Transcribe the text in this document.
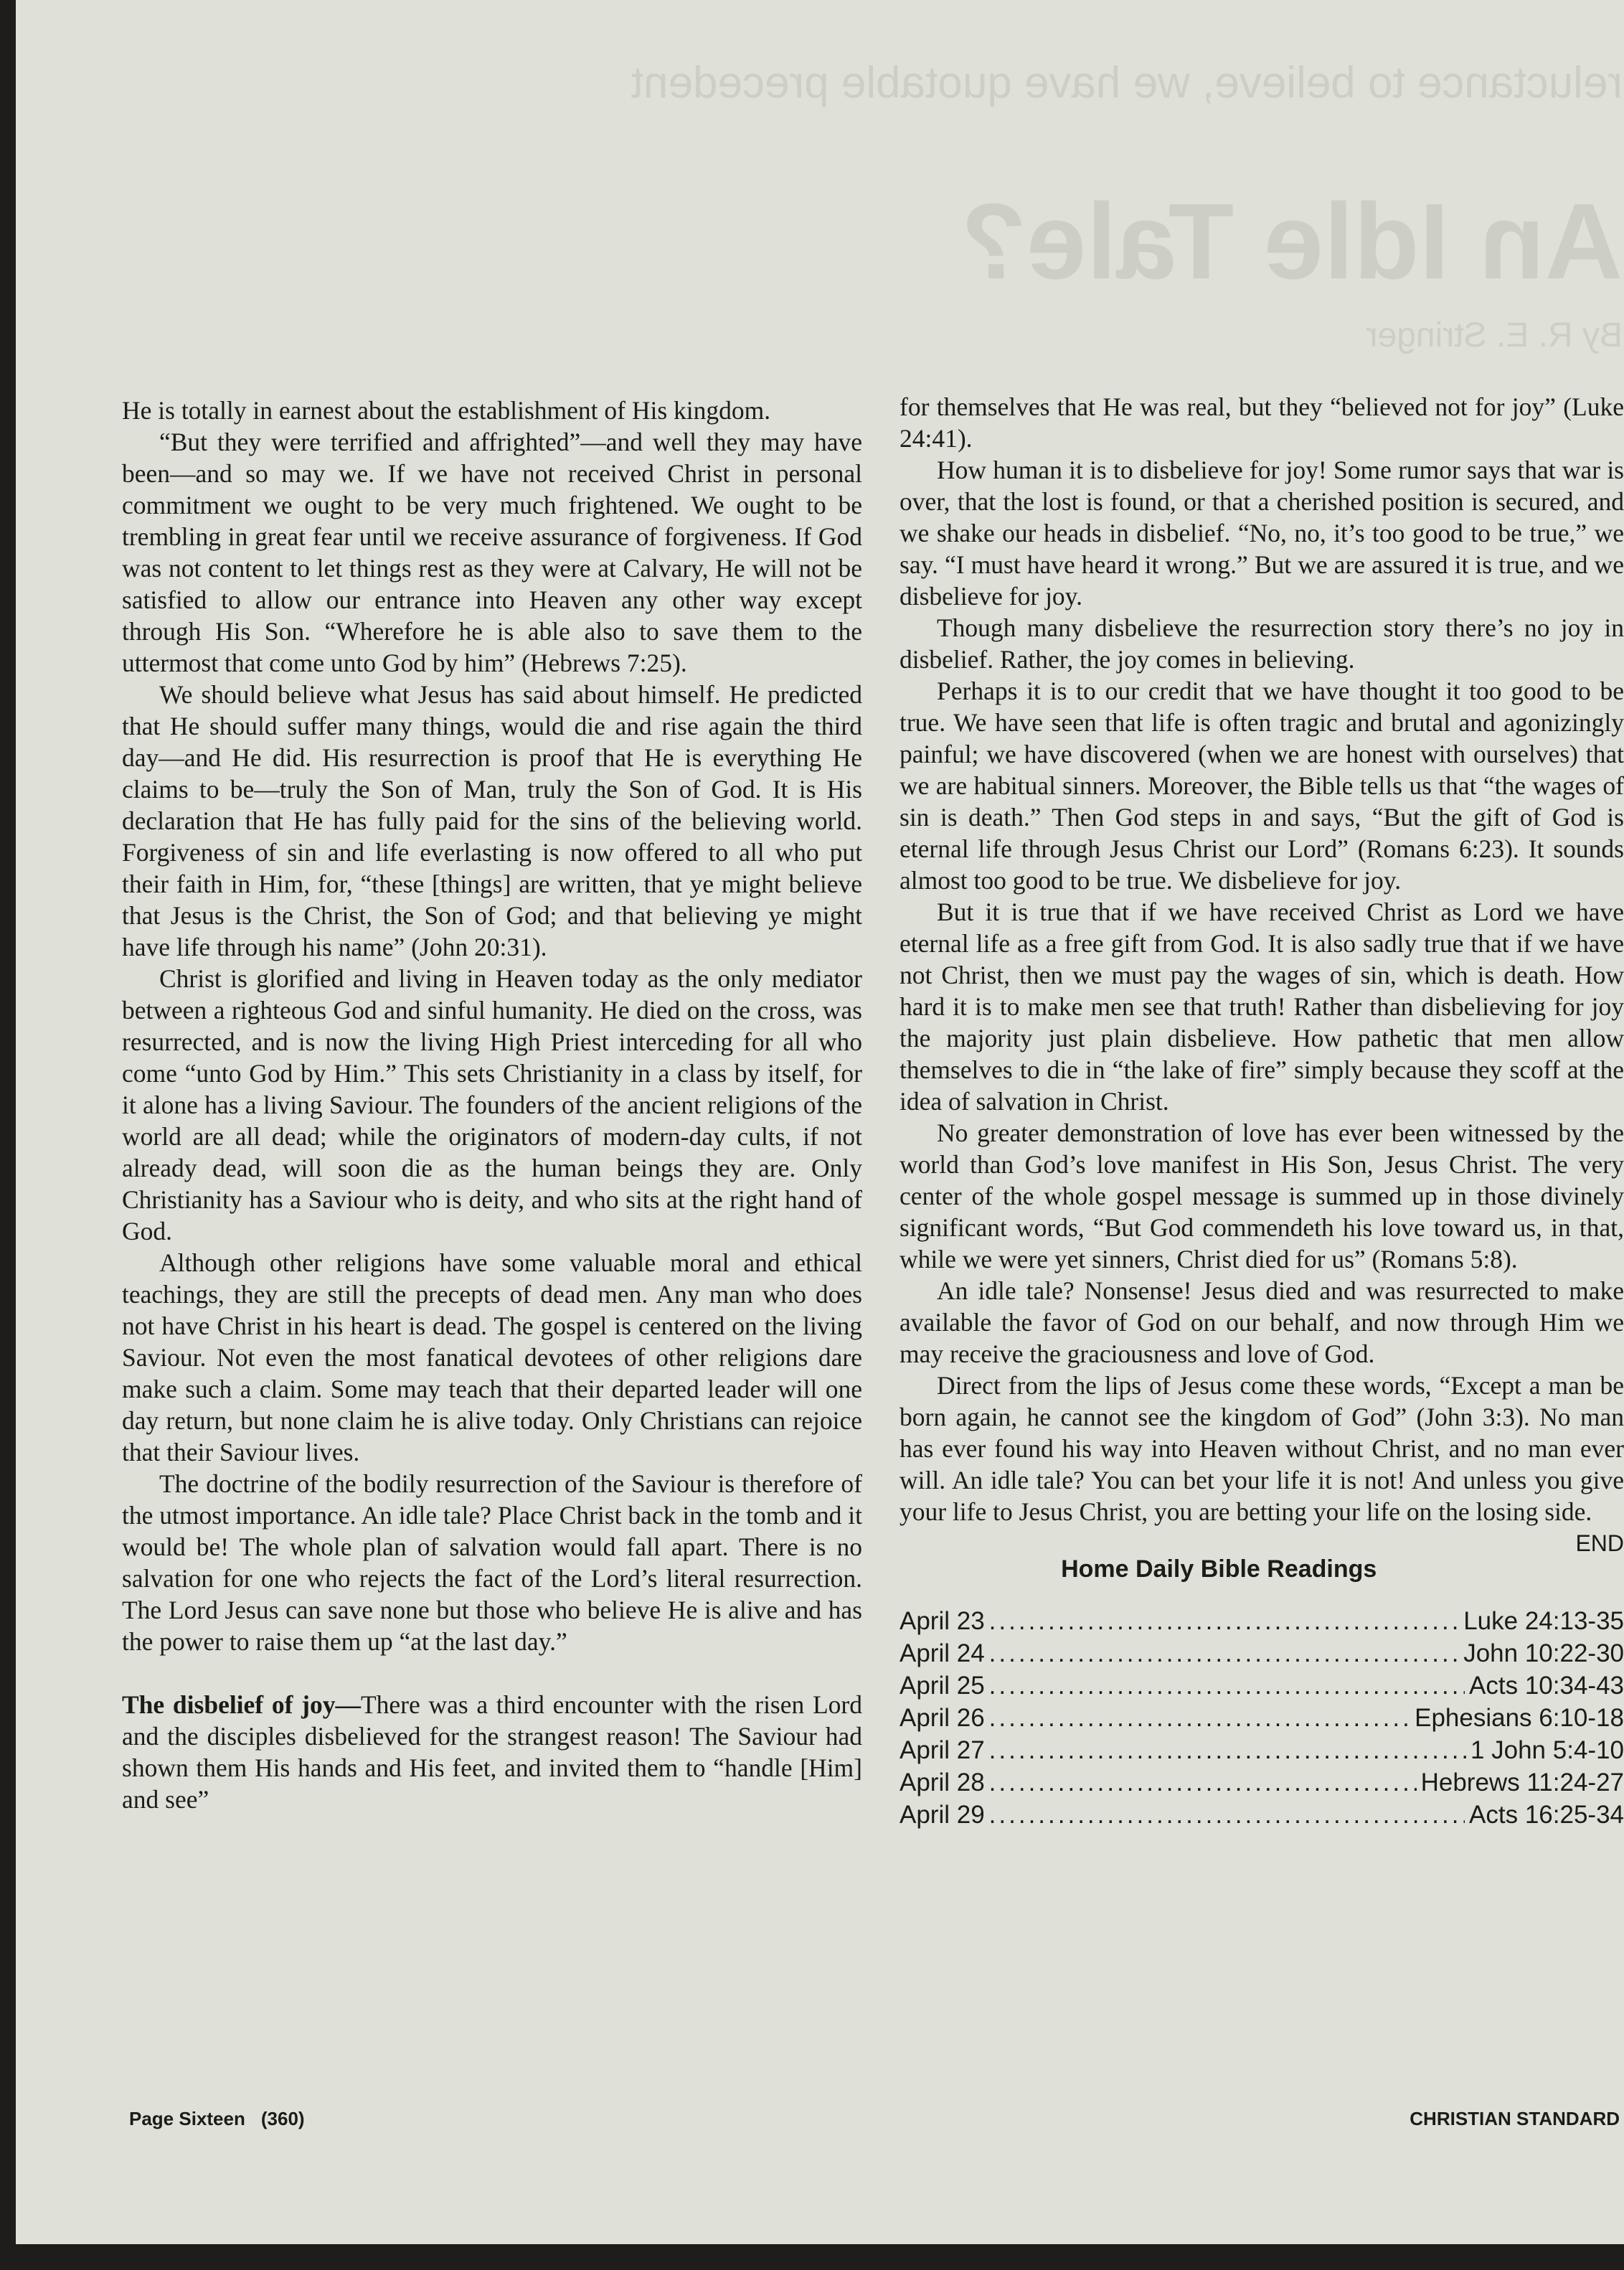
reluctance to believe, we have quotable precedent
An Idle Tale?
By R. E. Stringer

He is totally in earnest about the establishment of His kingdom.

“But they were terrified and affrighted”—and well they may have been—and so may we. If we have not received Christ in personal commitment we ought to be very much frightened. We ought to be trembling in great fear until we receive assurance of forgiveness. If God was not content to let things rest as they were at Calvary, He will not be satisfied to allow our entrance into Heaven any other way except through His Son. “Wherefore he is able also to save them to the uttermost that come unto God by him” (Hebrews 7:25).

We should believe what Jesus has said about himself. He predicted that He should suffer many things, would die and rise again the third day—and He did. His resurrection is proof that He is everything He claims to be—truly the Son of Man, truly the Son of God. It is His declaration that He has fully paid for the sins of the believing world. Forgiveness of sin and life everlasting is now offered to all who put their faith in Him, for, “these [things] are written, that ye might believe that Jesus is the Christ, the Son of God; and that believing ye might have life through his name” (John 20:31).

Christ is glorified and living in Heaven today as the only mediator between a righteous God and sinful humanity. He died on the cross, was resurrected, and is now the living High Priest interceding for all who come “unto God by Him.” This sets Christianity in a class by itself, for it alone has a living Saviour. The founders of the ancient religions of the world are all dead; while the originators of modern-day cults, if not already dead, will soon die as the human beings they are. Only Christianity has a Saviour who is deity, and who sits at the right hand of God.

Although other religions have some valuable moral and ethical teachings, they are still the precepts of dead men. Any man who does not have Christ in his heart is dead. The gospel is centered on the living Saviour. Not even the most fanatical devotees of other religions dare make such a claim. Some may teach that their departed leader will one day return, but none claim he is alive today. Only Christians can rejoice that their Saviour lives.

The doctrine of the bodily resurrection of the Saviour is therefore of the utmost importance. An idle tale? Place Christ back in the tomb and it would be! The whole plan of salvation would fall apart. There is no salvation for one who rejects the fact of the Lord’s literal resurrection. The Lord Jesus can save none but those who believe He is alive and has the power to raise them up “at the last day.”

The disbelief of joy—There was a third encounter with the risen Lord and the disciples disbelieved for the strangest reason! The Saviour had shown them His hands and His feet, and invited them to “handle [Him] and see”

for themselves that He was real, but they “believed not for joy” (Luke 24:41).

How human it is to disbelieve for joy! Some rumor says that war is over, that the lost is found, or that a cherished position is secured, and we shake our heads in disbelief. “No, no, it’s too good to be true,” we say. “I must have heard it wrong.” But we are assured it is true, and we disbelieve for joy.

Though many disbelieve the resurrection story there’s no joy in disbelief. Rather, the joy comes in believing.

Perhaps it is to our credit that we have thought it too good to be true. We have seen that life is often tragic and brutal and agonizingly painful; we have discovered (when we are honest with ourselves) that we are habitual sinners. Moreover, the Bible tells us that “the wages of sin is death.” Then God steps in and says, “But the gift of God is eternal life through Jesus Christ our Lord” (Romans 6:23). It sounds almost too good to be true. We disbelieve for joy.

But it is true that if we have received Christ as Lord we have eternal life as a free gift from God. It is also sadly true that if we have not Christ, then we must pay the wages of sin, which is death. How hard it is to make men see that truth! Rather than disbelieving for joy the majority just plain disbelieve. How pathetic that men allow themselves to die in “the lake of fire” simply because they scoff at the idea of salvation in Christ.

No greater demonstration of love has ever been witnessed by the world than God’s love manifest in His Son, Jesus Christ. The very center of the whole gospel message is summed up in those divinely significant words, “But God commendeth his love toward us, in that, while we were yet sinners, Christ died for us” (Romans 5:8).

An idle tale? Nonsense! Jesus died and was resurrected to make available the favor of God on our behalf, and now through Him we may receive the graciousness and love of God.

Direct from the lips of Jesus come these words, “Except a man be born again, he cannot see the kingdom of God” (John 3:3). No man has ever found his way into Heaven without Christ, and no man ever will. An idle tale? You can bet your life it is not! And unless you give your life to Jesus Christ, you are betting your life on the losing side.
END

Home Daily Bible Readings

April 23 .....	Luke 24:13-35
April 24 .....	John 10:22-30
April 25 .....	Acts 10:34-43
April 26 .....	Ephesians 6:10-18
April 27 .....	1 John 5:4-10
April 28 .....	Hebrews 11:24-27
April 29 .....	Acts 16:25-34
Page Sixteen (360)	CHRISTIAN STANDARD
